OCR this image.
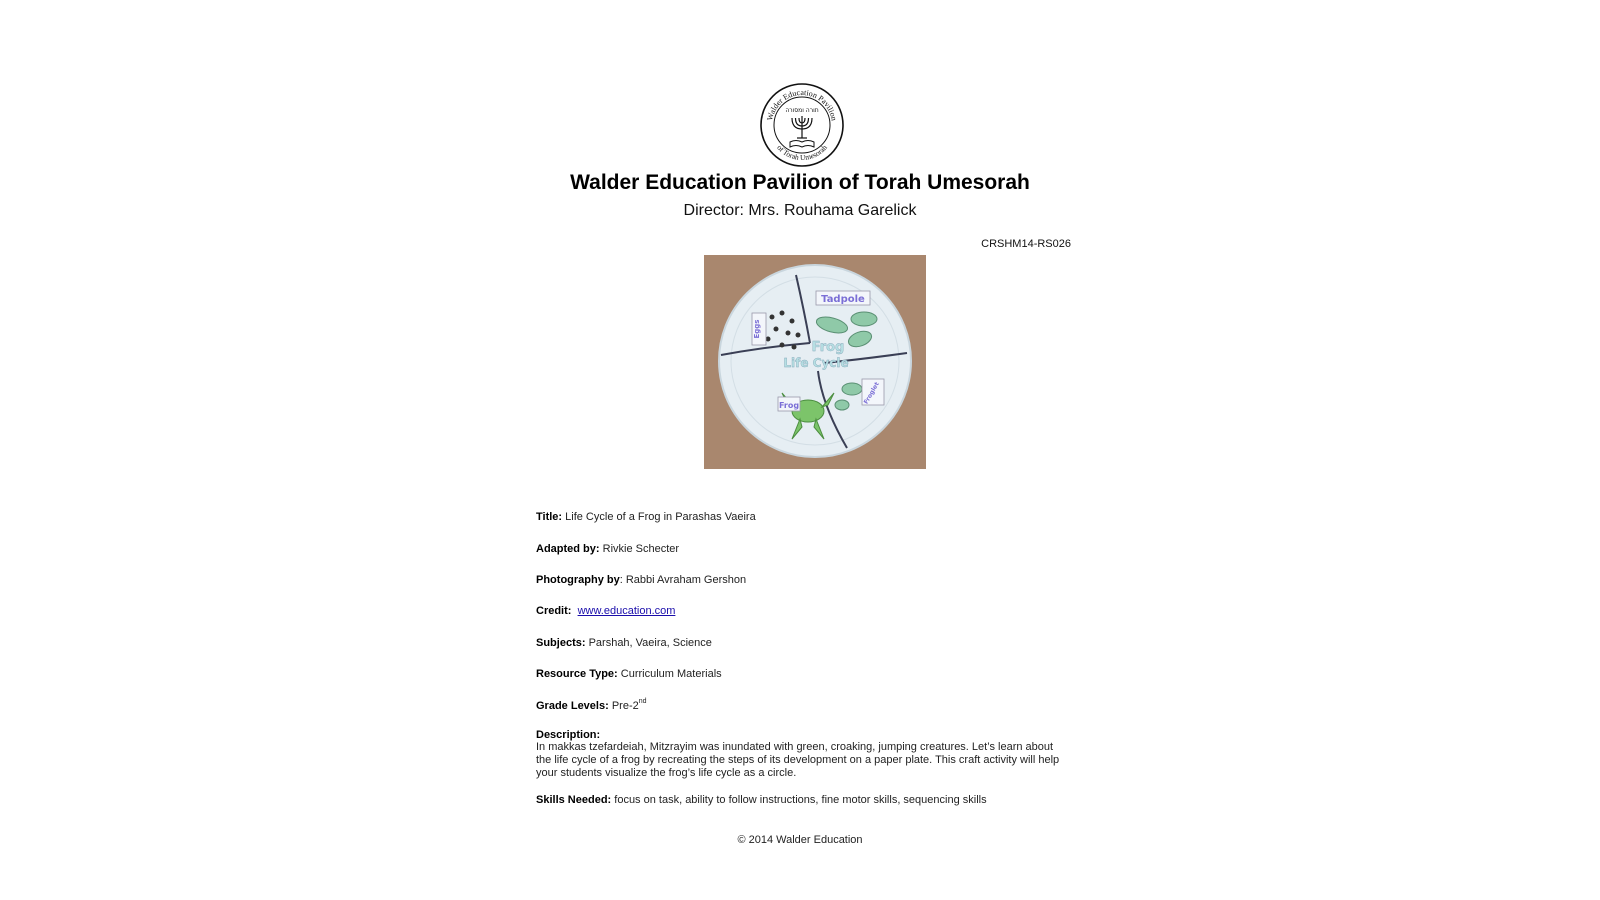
Walder Education Pavilion
of Torah Umesorah
תורה ומסורה
Walder Education Pavilion of Torah Umesorah
Director: Mrs. Rouhama Garelick
CRSHM14-RS026
Tadpole
Eggs
Frog
Froglet
Frog
Life Cycle
Title: Life Cycle of a Frog in Parashas Vaeira
Adapted by: Rivkie Schecter
Photography by: Rabbi Avraham Gershon
Credit: www.education.com
Subjects: Parshah, Vaeira, Science
Resource Type: Curriculum Materials
Grade Levels: Pre-2nd
Description:
In makkas tzefardeiah, Mitzrayim was inundated with green, croaking, jumping creatures. Let’s learn about the life cycle of a frog by recreating the steps of its development on a paper plate. This craft activity will help your students visualize the frog’s life cycle as a circle.
Skills Needed: focus on task, ability to follow instructions, fine motor skills, sequencing skills
© 2014 Walder Education
